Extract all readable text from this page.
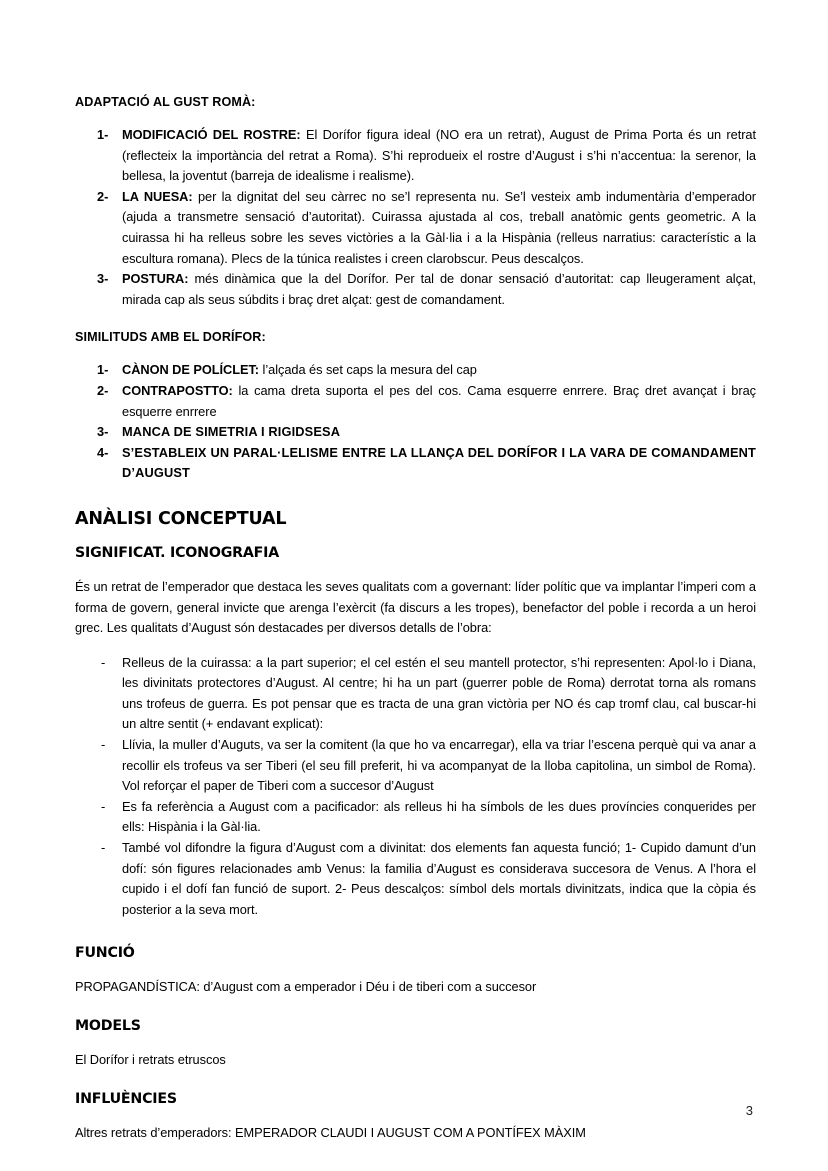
ADAPTACIÓ AL GUST ROMÀ:
1- MODIFICACIÓ DEL ROSTRE: El Dorífor figura ideal (NO era un retrat), August de Prima Porta és un retrat (reflecteix la importància del retrat a Roma). S’hi reprodueix el rostre d’August i s’hi n’accentua: la serenor, la bellesa, la joventut (barreja de idealisme i realisme).
2- LA NUESA: per la dignitat del seu càrrec no se’l representa nu. Se’l vesteix amb indumentària d’emperador (ajuda a transmetre sensació d’autoritat). Cuirassa ajustada al cos, treball anatòmic gents geometric. A la cuirassa hi ha relleus sobre les seves victòries a la Gàl·lia i a la Hispània (relleus narratius: característic a la escultura romana). Plecs de la túnica realistes i creen clarobscur. Peus descalços.
3- POSTURA: més dinàmica que la del Dorífor. Per tal de donar sensació d’autoritat: cap lleugerament alçat, mirada cap als seus súbdits i braç dret alçat: gest de comandament.
SIMILITUDS AMB EL DORÍFOR:
1- CÀNON DE POLÍCLET: l’alçada és set caps la mesura del cap
2- CONTRAPOSTTO: la cama dreta suporta el pes del cos. Cama esquerre enrrere. Braç dret avançat i braç esquerre enrrere
3- MANCA DE SIMETRIA I RIGIDSESA
4- S’ESTABLEIX UN PARAL·LELISME ENTRE LA LLANÇA DEL DORÍFOR I LA VARA DE COMANDAMENT D’AUGUST
ANÀLISI CONCEPTUAL
SIGNIFICAT. ICONOGRAFIA

És un retrat de l’emperador que destaca les seves qualitats com a governant: líder polític que va implantar l’imperi com a forma de govern, general invicte que arenga l’exèrcit (fa discurs a les tropes), benefactor del poble i recorda a un heroi grec. Les qualitats d’August són destacades per diversos detalls de l’obra:

- Relleus de la cuirassa: a la part superior; el cel estén el seu mantell protector, s’hi representen: Apol·lo i Diana, les divinitats protectores d’August. Al centre; hi ha un part (guerrer poble de Roma) derrotat torna als romans uns trofeus de guerra. Es pot pensar que es tracta de una gran victòria per NO és cap tromf clau, cal buscar-hi un altre sentit (+ endavant explicat):
- Llívia, la muller d’Auguts, va ser la comitent (la que ho va encarregar), ella va triar l’escena perquè qui va anar a recollir els trofeus va ser Tiberi (el seu fill preferit, hi va acompanyat de la lloba capitolina, un simbol de Roma). Vol reforçar el paper de Tiberi com a succesor d’August
- Es fa referència a August com a pacificador: als relleus hi ha símbols de les dues províncies conquerides per ells: Hispània i la Gàl·lia.
- També vol difondre la figura d’August com a divinitat: dos elements fan aquesta funció; 1- Cupido damunt d’un dofí: són figures relacionades amb Venus: la familia d’August es considerava succesora de Venus. A l’hora el cupido i el dofí fan funció de suport. 2- Peus descalços: símbol dels mortals divinitzats, indica que la còpia és posterior a la seva mort.
FUNCIÓ

PROPAGANDÍSTICA: d’August com a emperador i Déu i de tiberi com a succesor

MODELS

El Dorífor i retrats etruscos

INFLUÈNCIES

Altres retrats d’emperadors: EMPERADOR CLAUDI I AUGUST COM A PONTÍFEX MÀXIM

3
